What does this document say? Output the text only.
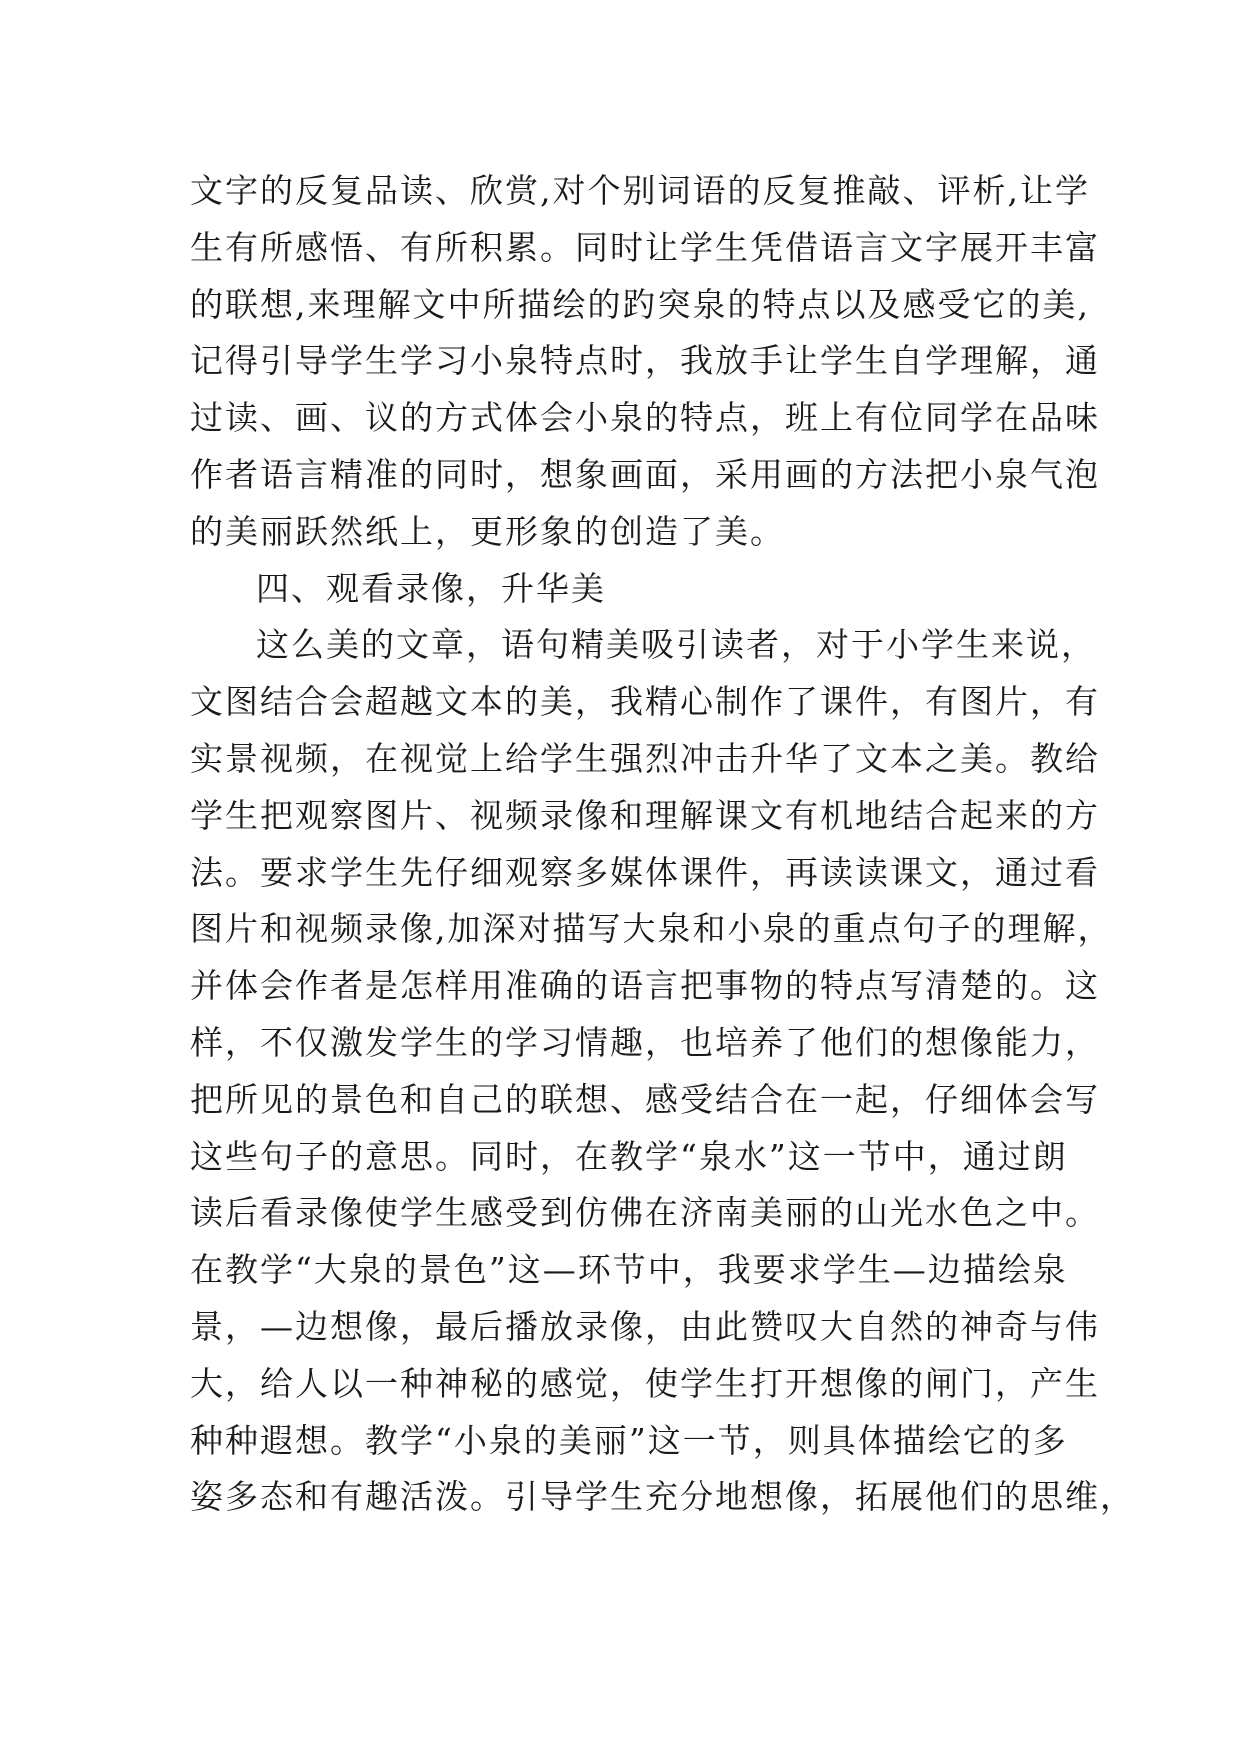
文字的反复品读、欣赏,对个别词语的反复推敲、评析,让学
生有所感悟、有所积累。同时让学生凭借语言文字展开丰富
的联想,来理解文中所描绘的趵突泉的特点以及感受它的美,
记得引导学生学习小泉特点时，我放手让学生自学理解，通
过读、画、议的方式体会小泉的特点，班上有位同学在品味
作者语言精准的同时，想象画面，采用画的方法把小泉气泡
的美丽跃然纸上，更形象的创造了美。
四、观看录像，升华美
这么美的文章，语句精美吸引读者，对于小学生来说，
文图结合会超越文本的美，我精心制作了课件，有图片，有
实景视频，在视觉上给学生强烈冲击升华了文本之美。教给
学生把观察图片、视频录像和理解课文有机地结合起来的方
法。要求学生先仔细观察多媒体课件，再读读课文，通过看
图片和视频录像,加深对描写大泉和小泉的重点句子的理解，
并体会作者是怎样用准确的语言把事物的特点写清楚的。这
样，不仅激发学生的学习情趣，也培养了他们的想像能力，
把所见的景色和自己的联想、感受结合在一起，仔细体会写
这些句子的意思。同时，在教学“泉水”这一节中，通过朗
读后看录像使学生感受到仿佛在济南美丽的山光水色之中。
在教学“大泉的景色”这—环节中，我要求学生—边描绘泉
景，—边想像，最后播放录像，由此赞叹大自然的神奇与伟
大，给人以一种神秘的感觉，使学生打开想像的闸门，产生
种种遐想。教学“小泉的美丽”这一节，则具体描绘它的多
姿多态和有趣活泼。引导学生充分地想像，拓展他们的思维，
